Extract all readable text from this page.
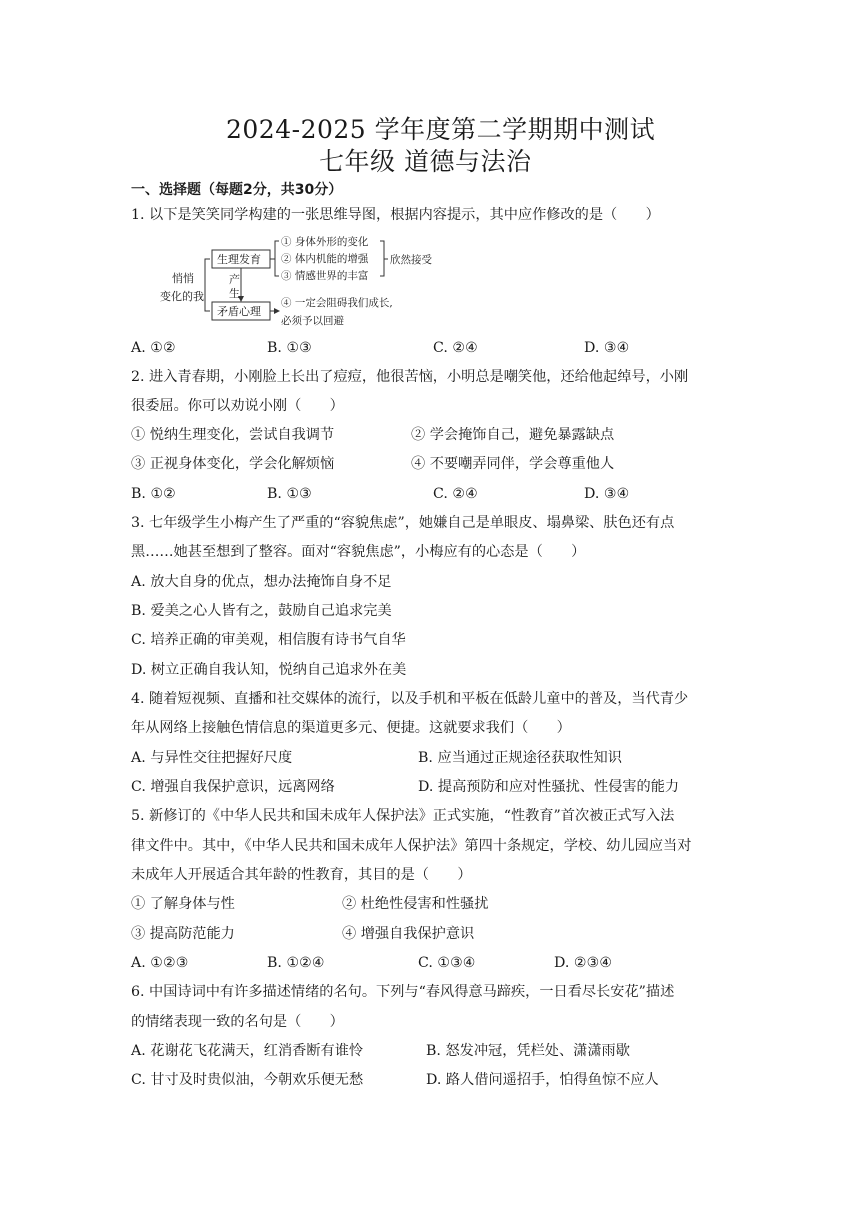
2024-2025 学年度第二学期期中测试
七年级 道德与法治
一、选择题（每题2分，共30分）
1. 以下是笑笑同学构建的一张思维导图，根据内容提示，其中应作修改的是（　　）
悄悄
变化的我
生理发育
矛盾心理
产
生
① 身体外形的变化
② 体内机能的增强
③ 情感世界的丰富
欣然接受
④ 一定会阻碍我们成长,
必须予以回避
A. ①②	B. ①③	C. ②④	D. ③④
2. 进入青春期，小刚脸上长出了痘痘，他很苦恼，小明总是嘲笑他，还给他起绰号，小刚
很委屈。你可以劝说小刚（　　）
① 悦纳生理变化，尝试自我调节	② 学会掩饰自己，避免暴露缺点
③ 正视身体变化，学会化解烦恼	④ 不要嘲弄同伴，学会尊重他人
B. ①②	B. ①③	C. ②④	D. ③④
3. 七年级学生小梅产生了严重的“容貌焦虑”，她嫌自己是单眼皮、塌鼻梁、肤色还有点
黑……她甚至想到了整容。面对“容貌焦虑”，小梅应有的心态是（　　）
A. 放大自身的优点，想办法掩饰自身不足
B. 爱美之心人皆有之，鼓励自己追求完美
C. 培养正确的审美观，相信腹有诗书气自华
D. 树立正确自我认知，悦纳自己追求外在美
4. 随着短视频、直播和社交媒体的流行，以及手机和平板在低龄儿童中的普及，当代青少
年从网络上接触色情信息的渠道更多元、便捷。这就要求我们（　　）
A. 与异性交往把握好尺度	B. 应当通过正规途径获取性知识
C. 增强自我保护意识，远离网络	D. 提高预防和应对性骚扰、性侵害的能力
5. 新修订的《中华人民共和国未成年人保护法》正式实施，“性教育”首次被正式写入法
律文件中。其中，《中华人民共和国未成年人保护法》第四十条规定，学校、幼儿园应当对
未成年人开展适合其年龄的性教育，其目的是（　　）
① 了解身体与性	② 杜绝性侵害和性骚扰
③ 提高防范能力	④ 增强自我保护意识
A. ①②③	B. ①②④	C. ①③④	D. ②③④
6. 中国诗词中有许多描述情绪的名句。下列与“春风得意马蹄疾，一日看尽长安花”描述
的情绪表现一致的名句是（　　）
A. 花谢花飞花满天，红消香断有谁怜	B. 怒发冲冠，凭栏处、潇潇雨歇
C. 甘寸及时贵似油，今朝欢乐便无愁	D. 路人借问遥招手，怕得鱼惊不应人
